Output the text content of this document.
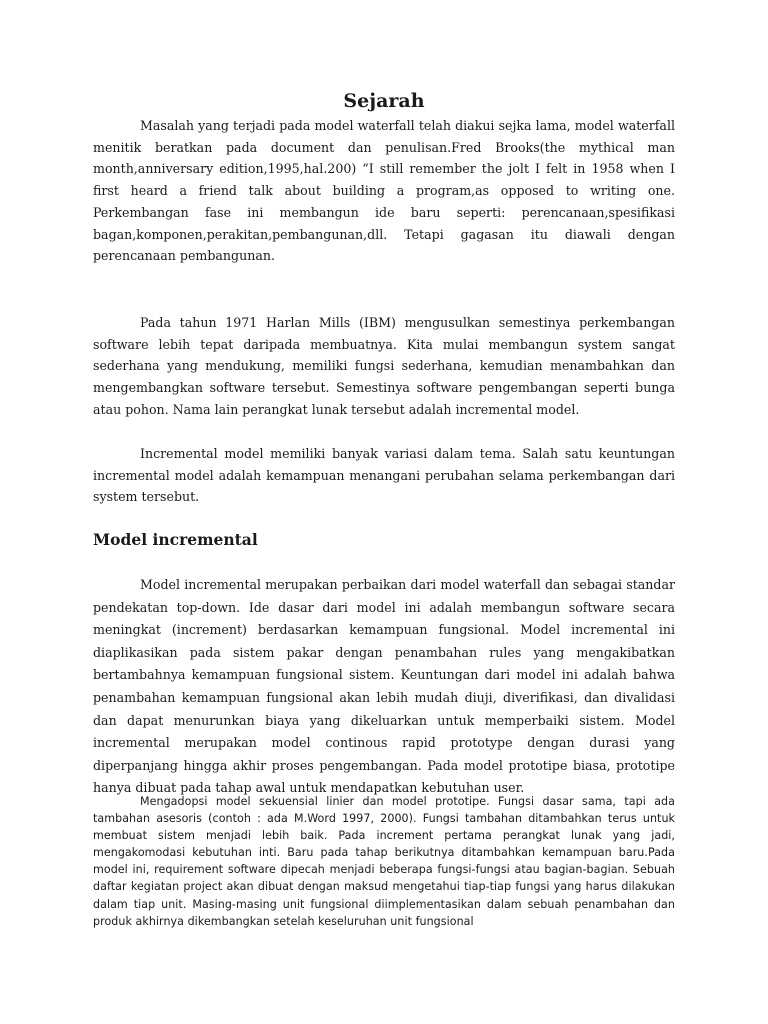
Sejarah

Masalah yang terjadi pada model waterfall telah diakui sejka lama, model waterfall menitik beratkan pada document dan penulisan.Fred Brooks(the mythical man month,anniversary edition,1995,hal.200) “I still remember the jolt I felt in 1958 when I first heard a friend talk about building a program,as opposed to writing one. Perkembangan fase ini membangun ide baru seperti: perencanaan,spesifikasi bagan,komponen,perakitan,pembangunan,dll. Tetapi gagasan itu diawali dengan perencanaan pembangunan.

Pada tahun 1971 Harlan Mills (IBM) mengusulkan semestinya perkembangan software lebih tepat daripada membuatnya. Kita mulai membangun system sangat sederhana yang mendukung, memiliki fungsi sederhana, kemudian menambahkan dan mengembangkan software tersebut. Semestinya software pengembangan seperti bunga atau pohon. Nama lain perangkat lunak tersebut adalah incremental model.

Incremental model memiliki banyak variasi dalam tema. Salah satu keuntungan incremental model adalah kemampuan menangani perubahan selama perkembangan dari system tersebut.

Model incremental

Model incremental merupakan perbaikan dari model waterfall dan sebagai standar pendekatan top-down. Ide dasar dari model ini adalah membangun software secara meningkat (increment) berdasarkan kemampuan fungsional. Model incremental ini diaplikasikan pada sistem pakar dengan penambahan rules yang mengakibatkan bertambahnya kemampuan fungsional sistem. Keuntungan dari model ini adalah bahwa penambahan kemampuan fungsional akan lebih mudah diuji, diverifikasi, dan divalidasi dan dapat menurunkan biaya yang dikeluarkan untuk memperbaiki sistem. Model incremental merupakan model continous rapid prototype dengan durasi yang diperpanjang hingga akhir proses pengembangan. Pada model prototipe biasa, prototipe hanya dibuat pada tahap awal untuk mendapatkan kebutuhan user.

Mengadopsi model sekuensial linier dan model prototipe. Fungsi dasar sama, tapi ada tambahan asesoris (contoh : ada M.Word 1997, 2000). Fungsi tambahan ditambahkan terus untuk membuat sistem menjadi lebih baik. Pada increment pertama perangkat lunak yang jadi, mengakomodasi kebutuhan inti. Baru pada tahap berikutnya ditambahkan kemampuan baru.Pada model ini, requirement software dipecah menjadi beberapa fungsi-fungsi atau bagian-bagian. Sebuah daftar kegiatan project akan dibuat dengan maksud mengetahui tiap-tiap fungsi yang harus dilakukan dalam tiap unit. Masing-masing unit fungsional diimplementasikan dalam sebuah penambahan dan produk akhirnya dikembangkan setelah keseluruhan unit fungsional
